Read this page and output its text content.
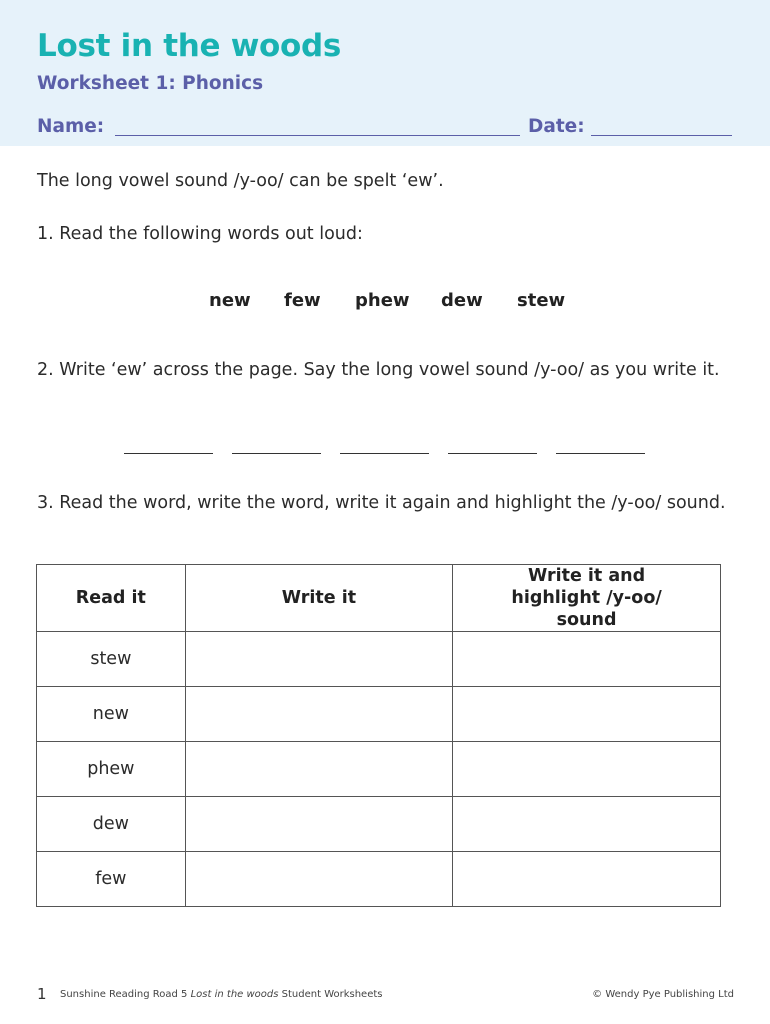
Lost in the woods
Worksheet 1: Phonics
Name:	Date:

The long vowel sound /y-oo/ can be spelt ‘ew’.

1. Read the following words out loud:

new few phew dew stew

2. Write ‘ew’ across the page. Say the long vowel sound /y-oo/ as you write it.

3. Read the word, write the word, write it again and highlight the /y-oo/ sound.

Read it	Write it	Write it and highlight /y-oo/ sound

stew		
new		
phew		
dew		
few		
1 Sunshine Reading Road 5 Lost in the woods Student Worksheets	© Wendy Pye Publishing Ltd
